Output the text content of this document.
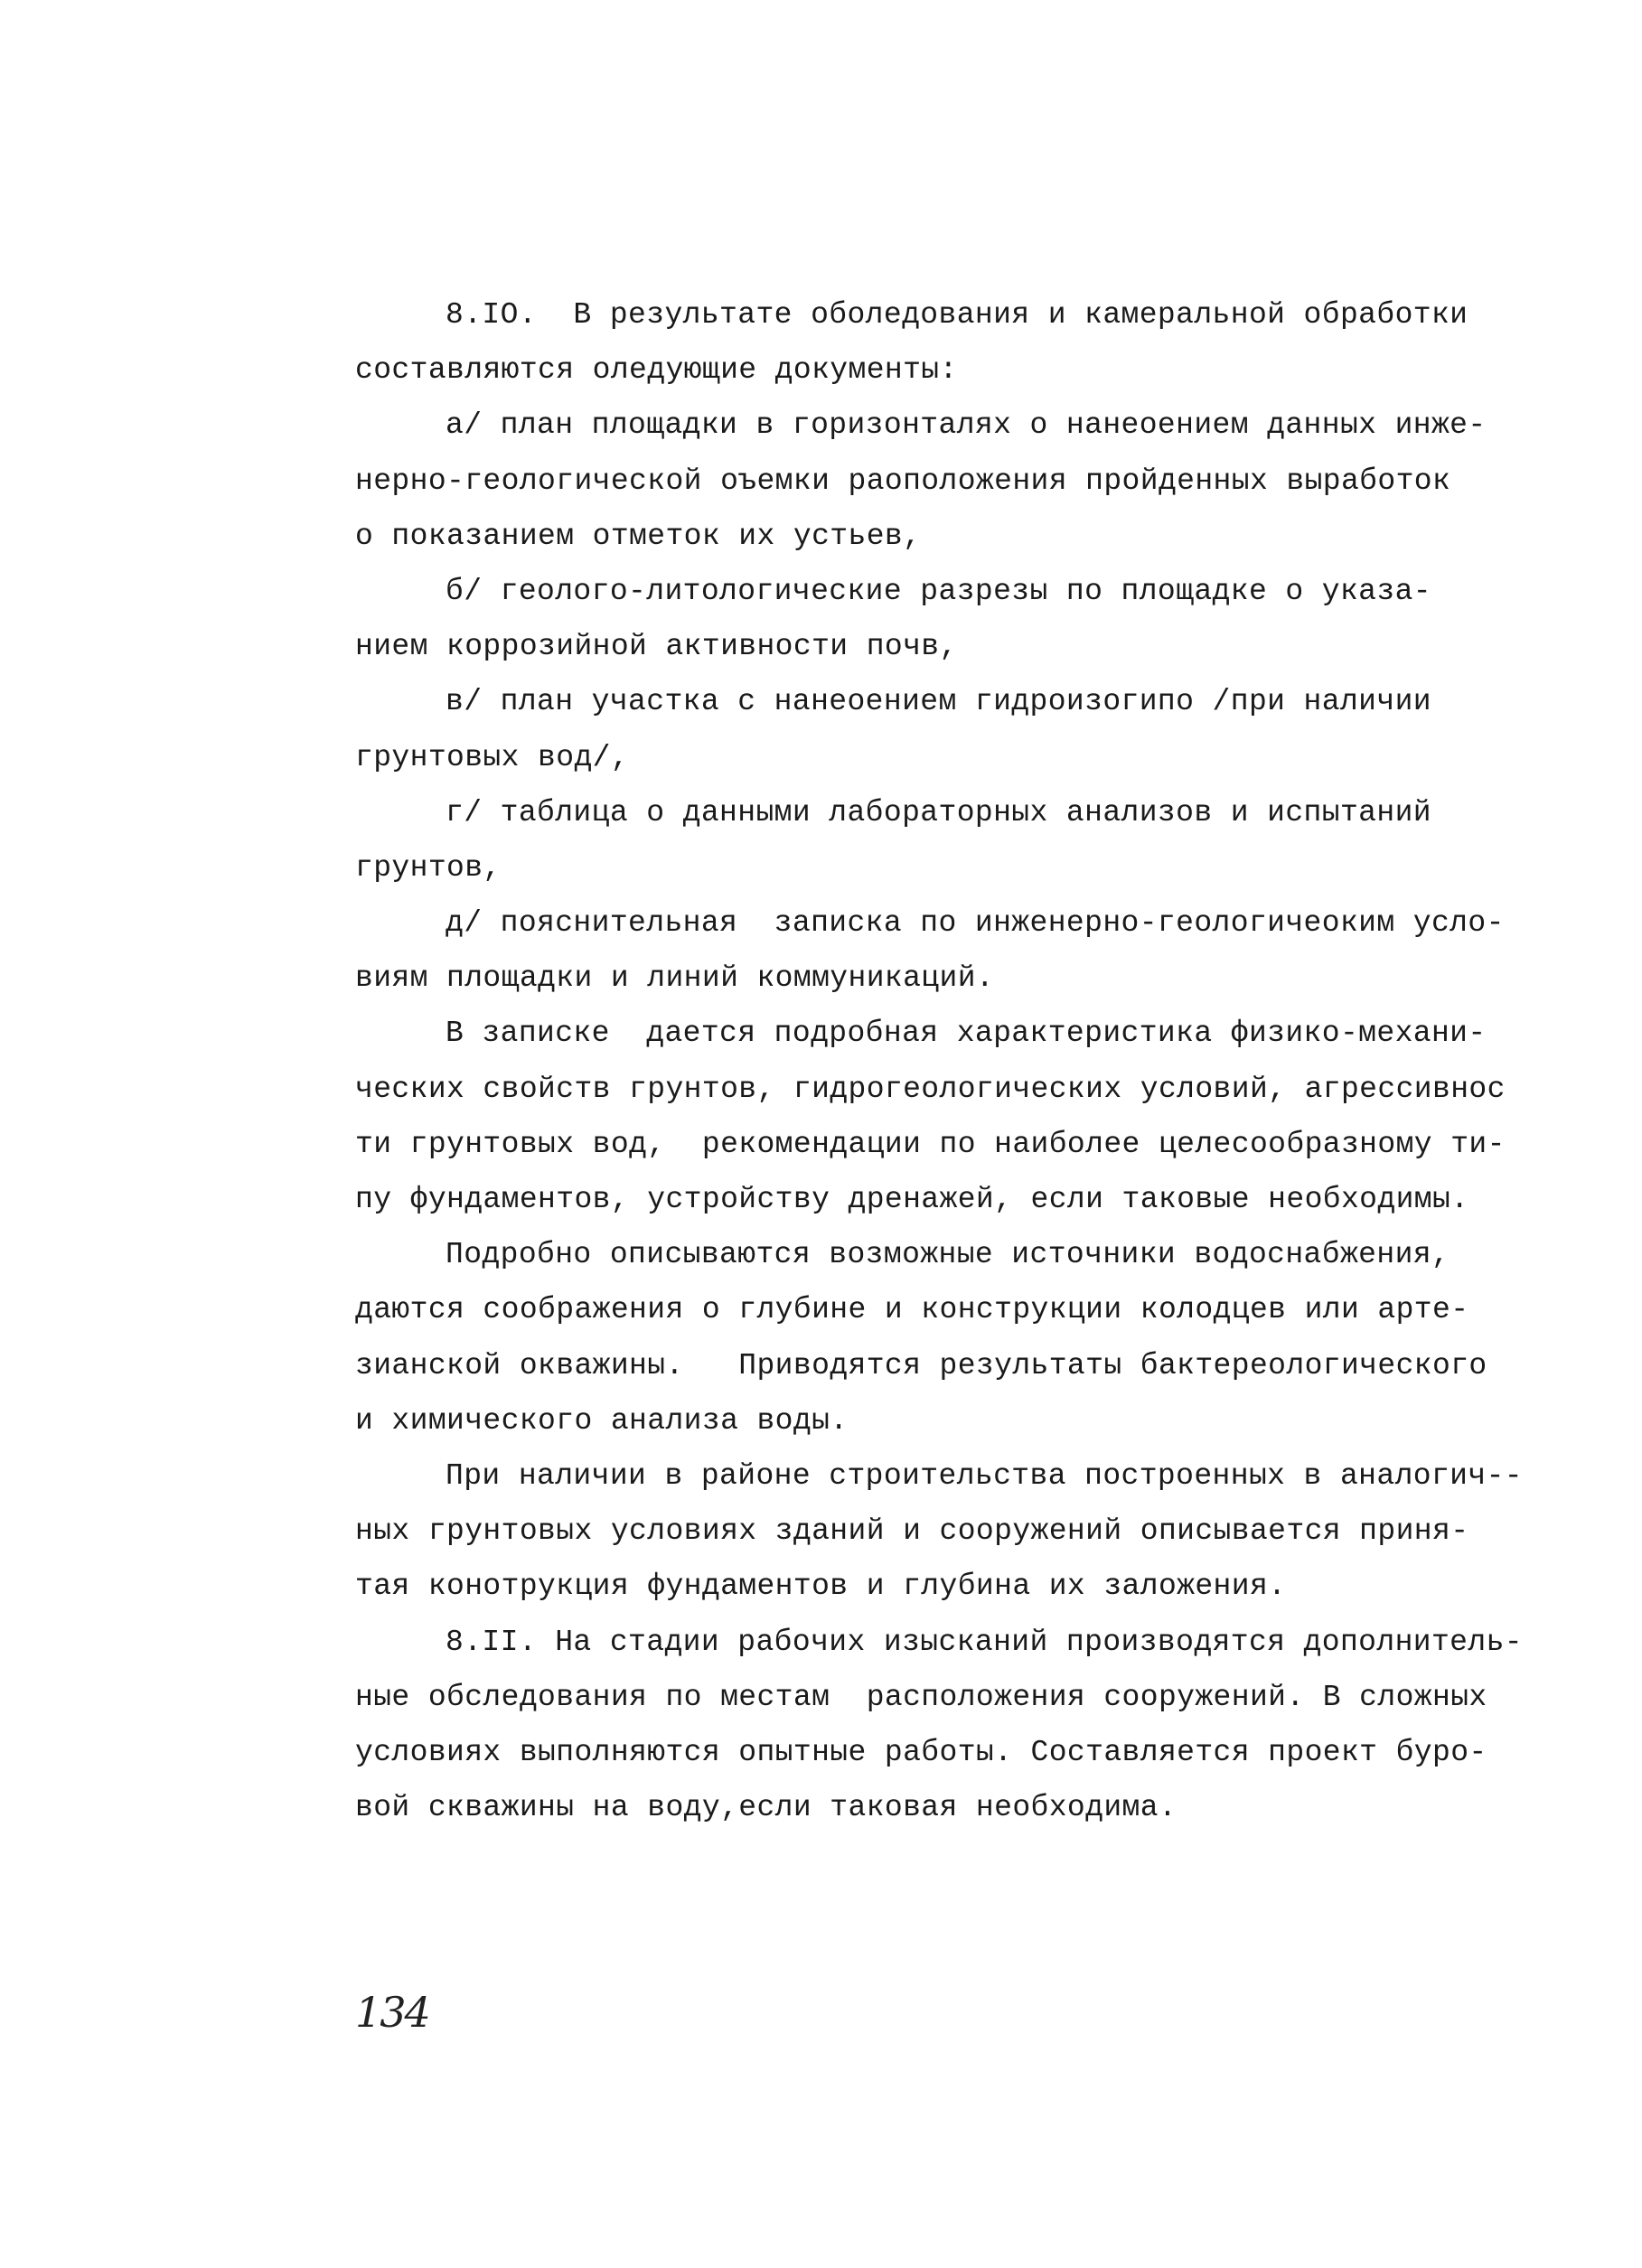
8.IO.  В результате оболедования и камеральной обработки
составляются оледующие документы:
а/ план площадки в горизонталях о нанеоением данных инже-
нерно-геологической оъемки раоположения пройденных выработок
о показанием отметок их устьев,
б/ геолого-литологические разрезы по площадке о указа-
нием коррозийной активности почв,
в/ план участка с нанеоением гидроизогипо /при наличии
грунтовых вод/,
г/ таблица о данными лабораторных анализов и испытаний
грунтов,
д/ пояснительная  записка по инженерно-геологичеоким усло-
виям площадки и линий коммуникаций.
В записке  дается подробная характеристика физико-механи-
ческих свойств грунтов, гидрогеологических условий, агрессивнос
ти грунтовых вод,  рекомендации по наиболее целесообразному ти-
пу фундаментов, устройству дренажей, если таковые необходимы.
Подробно описываются возможные источники водоснабжения,
даются соображения о глубине и конструкции колодцев или арте-
зианской оквaжины.   Приводятся результаты бактереологического
и химического анализа воды.
При наличии в районе строительства построенных в аналогич--
ных грунтовых условиях зданий и сооружений описывается приня-
тая конотрукция фундаментов и глубина их заложения.
8.II. На стадии рабочих изысканий производятся дополнитель-
ные обследования по местам  расположения сооружений. В сложных
условиях выполняются опытные работы. Составляется проект буро-
вой скважины на воду,если таковая необходима.
134
